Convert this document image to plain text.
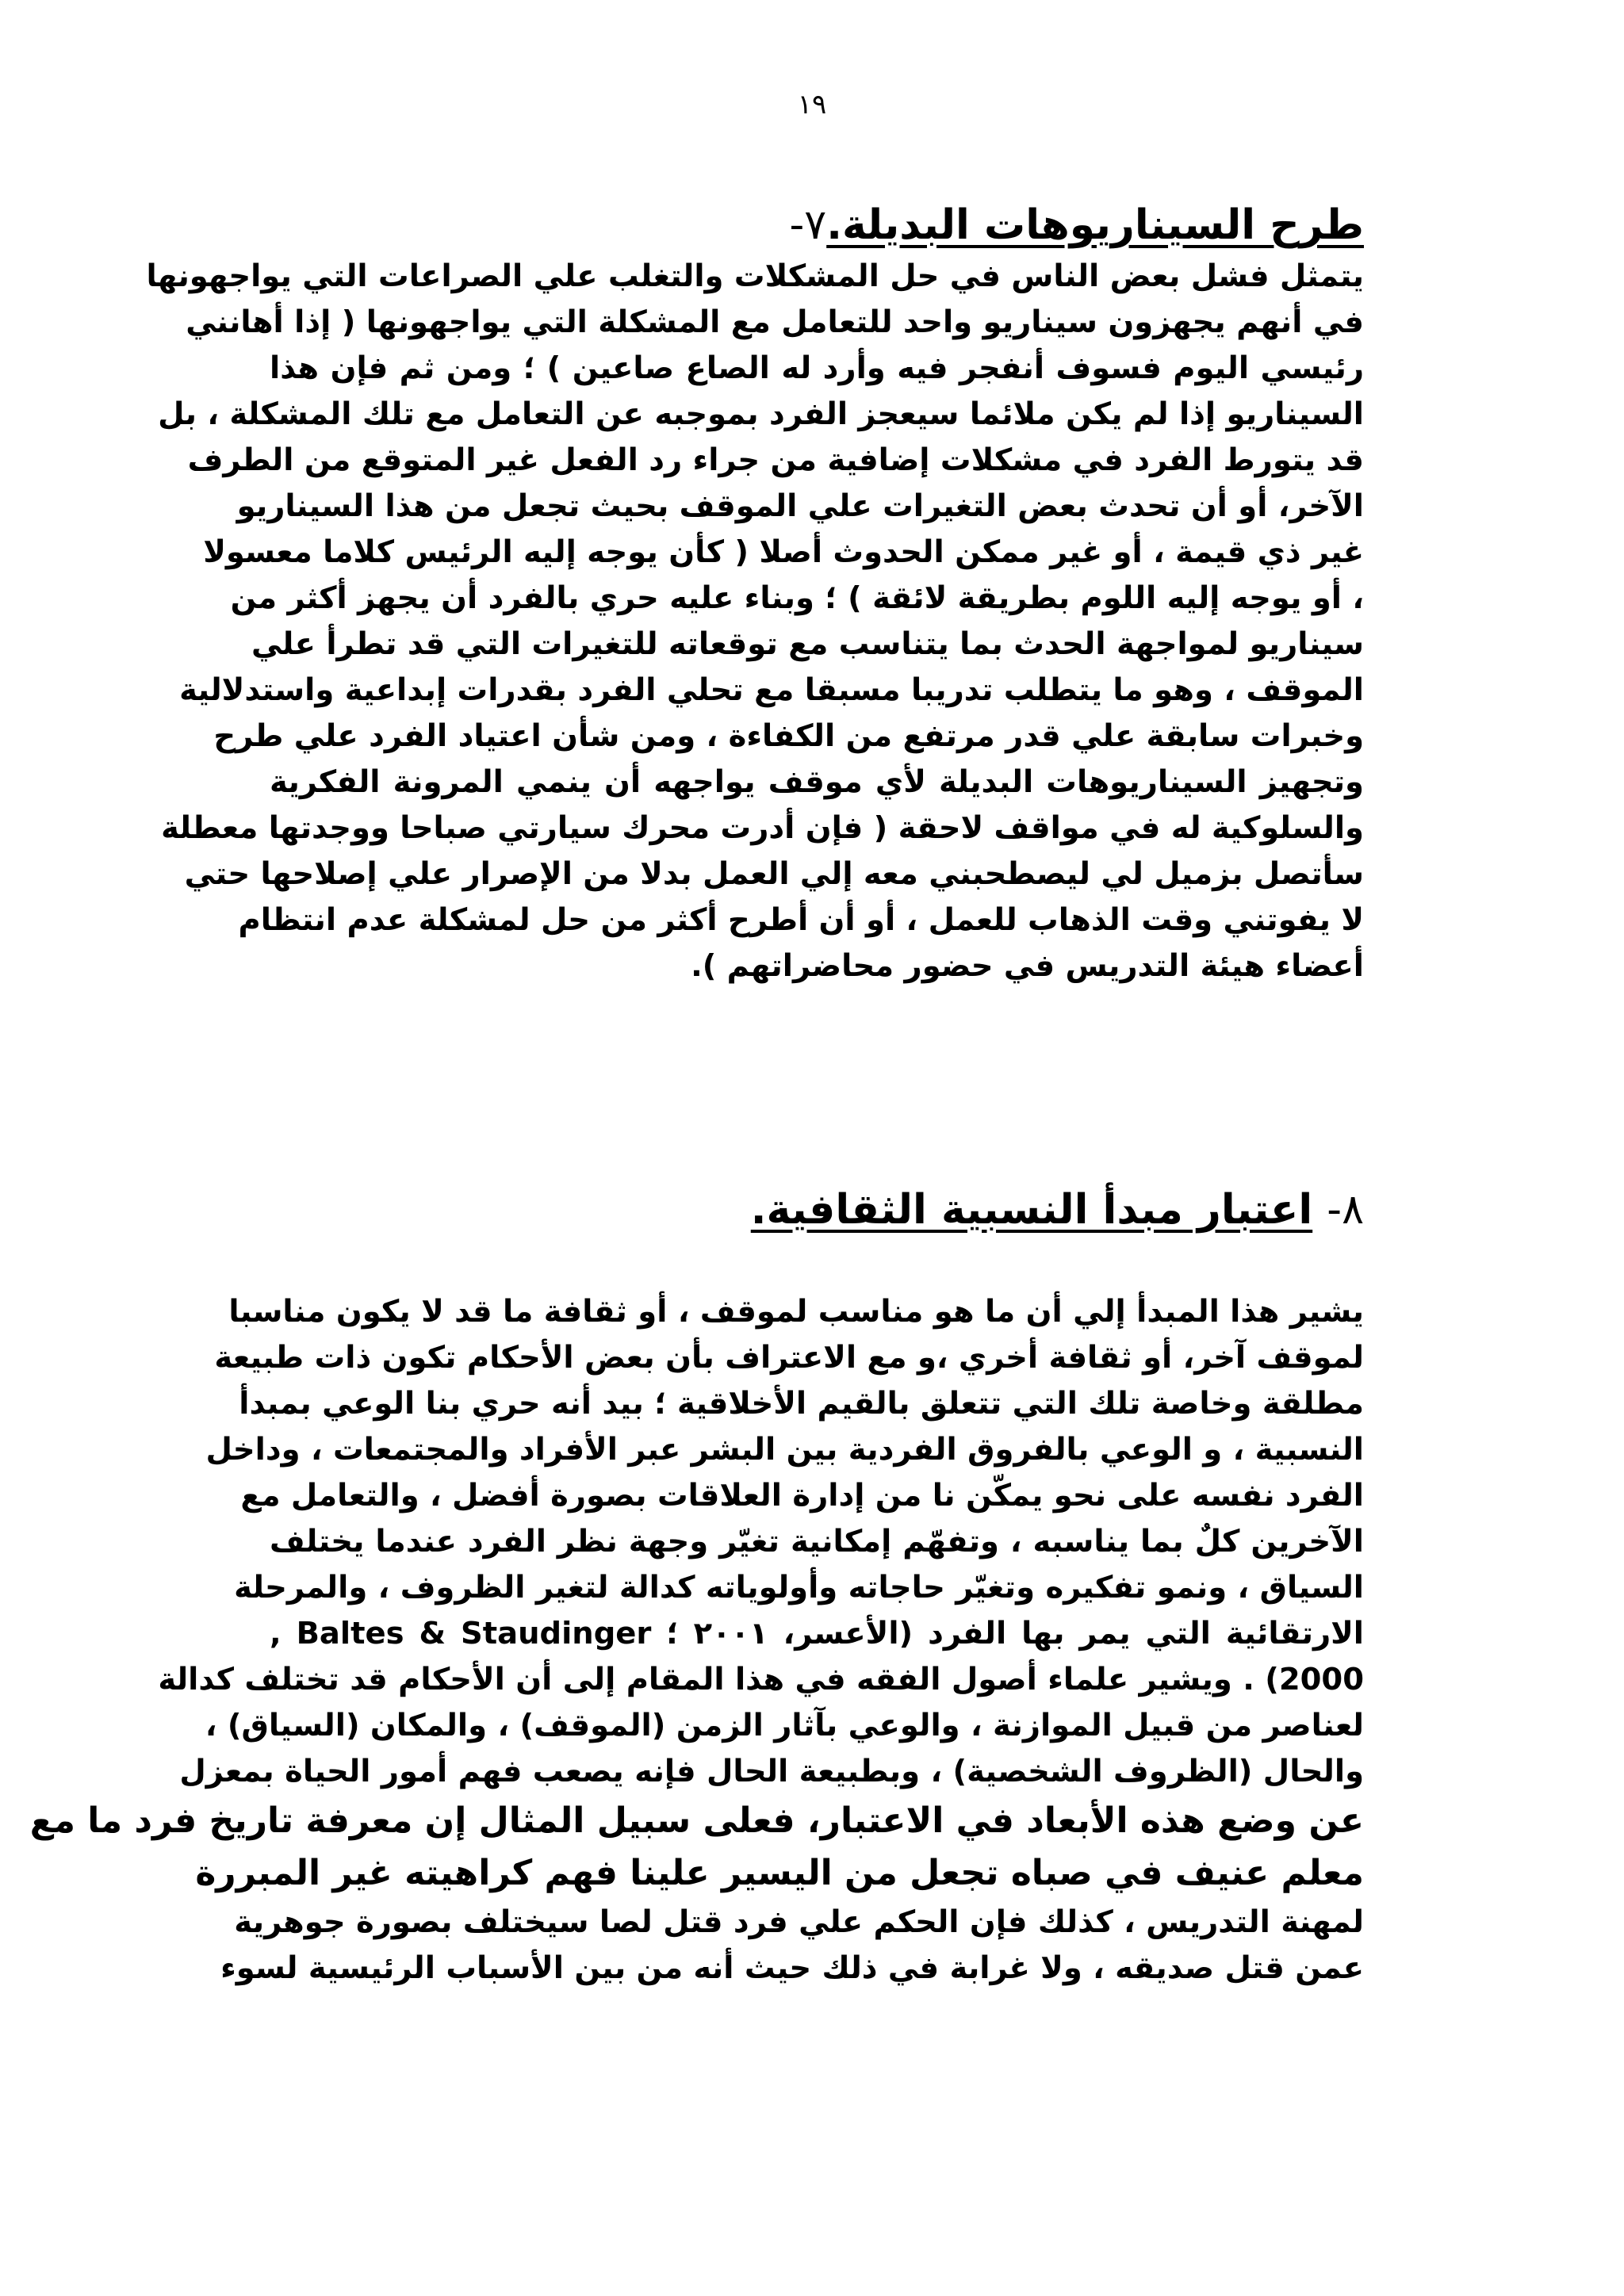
١٩
طرح السيناريوهات البديلة.٧-

يتمثل فشل بعض الناس في حل المشكلات والتغلب علي الصراعات التي يواجهونها
في أنهم يجهزون سيناريو واحد للتعامل مع المشكلة التي يواجهونها ( إذا أهانني
رئيسي اليوم فسوف أنفجر فيه وأرد له الصاع صاعين ) ؛ ومن ثم فإن هذا
السيناريو إذا لم يكن ملائما سيعجز الفرد بموجبه عن التعامل مع تلك المشكلة ، بل
قد يتورط الفرد في مشكلات إضافية من جراء رد الفعل غير المتوقع من الطرف
الآخر، أو أن تحدث بعض التغيرات علي الموقف بحيث تجعل من هذا السيناريو
غير ذي قيمة ، أو غير ممكن الحدوث أصلا ( كأن يوجه إليه الرئيس كلاما معسولا
، أو يوجه إليه اللوم بطريقة لائقة ) ؛ وبناء عليه حري بالفرد أن يجهز أكثر من
سيناريو لمواجهة الحدث بما يتناسب مع توقعاته للتغيرات التي قد تطرأ علي
الموقف ، وهو ما يتطلب تدريبا مسبقا مع تحلي الفرد بقدرات إبداعية واستدلالية
وخبرات سابقة علي قدر مرتفع من الكفاءة ، ومن شأن اعتياد الفرد علي طرح
وتجهيز السيناريوهات البديلة لأي موقف يواجهه أن ينمي المرونة الفكرية
والسلوكية له في مواقف لاحقة ( فإن أدرت محرك سيارتي صباحا ووجدتها معطلة
سأتصل بزميل لي ليصطحبني معه إلي العمل بدلا من الإصرار علي إصلاحها حتي
لا يفوتني وقت الذهاب للعمل ، أو أن أطرح أكثر من حل لمشكلة عدم انتظام
أعضاء هيئة التدريس في حضور محاضراتهم ).

٨- اعتبار مبدأ النسبية الثقافية.

يشير هذا المبدأ إلي أن ما هو مناسب لموقف ، أو ثقافة ما قد لا يكون مناسبا
لموقف آخر، أو ثقافة أخري ،و مع الاعتراف بأن بعض الأحكام تكون ذات طبيعة
مطلقة وخاصة تلك التي تتعلق بالقيم الأخلاقية ؛ بيد أنه حري بنا الوعي بمبدأ
النسبية ، و الوعي بالفروق الفردية بين البشر عبر الأفراد والمجتمعات ، وداخل
الفرد نفسه على نحو يمكّن نا من إدارة العلاقات بصورة أفضل ، والتعامل مع
الآخرين كلٌ بما يناسبه ، وتفهّم إمكانية تغيّر وجهة نظر الفرد عندما يختلف
السياق ، ونمو تفكيره وتغيّر حاجاته وأولوياته كدالة لتغير الظروف ، والمرحلة
الارتقائية التي يمر بها الفرد (الأعسر، ٢٠٠١ ؛ Baltes & Staudinger ,
2000) . ويشير علماء أصول الفقه في هذا المقام إلى أن الأحكام قد تختلف كدالة
لعناصر من قبيل الموازنة ، والوعي بآثار الزمن (الموقف) ، والمكان (السياق) ،
والحال (الظروف الشخصية) ، وبطبيعة الحال فإنه يصعب فهم أمور الحياة بمعزل
عن وضع هذه الأبعاد في الاعتبار، فعلى سبيل المثال إن معرفة تاريخ فرد ما مع
معلم عنيف في صباه تجعل من اليسير علينا فهم كراهيته غير المبررة
لمهنة التدريس ، كذلك فإن الحكم علي فرد قتل لصا سيختلف بصورة جوهرية
عمن قتل صديقه ، ولا غرابة في ذلك حيث أنه من بين الأسباب الرئيسية لسوء
